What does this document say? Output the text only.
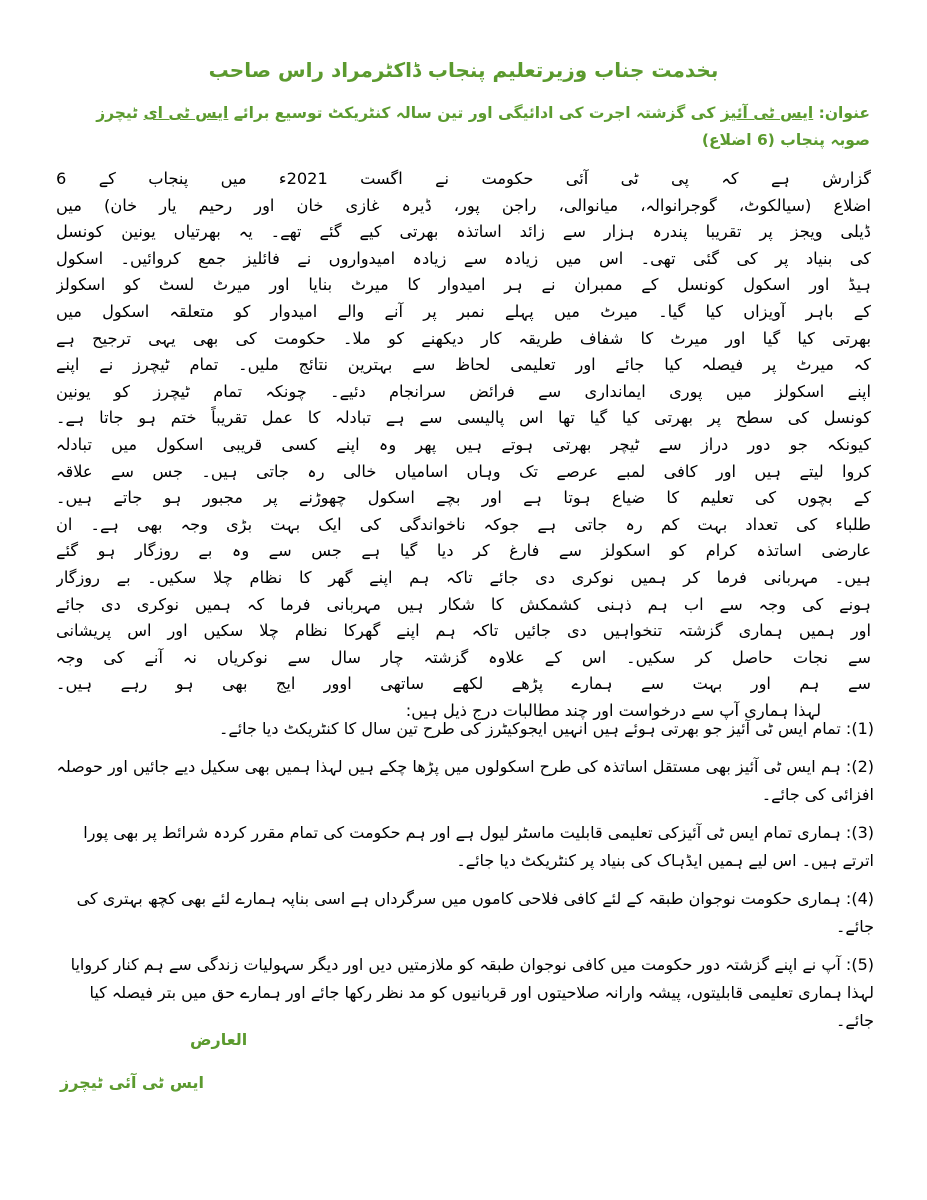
بخدمت جناب وزیرتعلیم پنجاب ڈاکٹرمراد راس صاحب
عنوان: ایس ٹی آئیز کی گزشتہ اجرت کی ادائیگی اور تین سالہ کنٹریکٹ توسیع برائے ایس ٹی ای ٹیچرز صوبہ پنجاب (6 اضلاع)
گزارش ہے کہ پی ٹی آئی حکومت نے اگست 2021ء میں پنجاب کے 6
اضلاع (سیالکوٹ، گوجرانوالہ، میانوالی، راجن پور، ڈیرہ غازی خان اور رحیم یار خان) میں
ڈیلی ویجز پر تقریبا پندرہ ہزار سے زائد اساتذہ بھرتی کیے گئے تھے۔ یہ بھرتیاں یونین کونسل
کی بنیاد پر کی گئی تھی۔ اس میں زیادہ سے زیادہ امیدواروں نے فائلیز جمع کروائیں۔ اسکول
ہیڈ اور اسکول کونسل کے ممبران نے ہر امیدوار کا میرٹ بنایا اور میرٹ لسٹ کو اسکولز
کے باہر آویزاں کیا گیا۔ میرٹ میں پہلے نمبر پر آنے والے امیدوار کو متعلقہ اسکول میں
بھرتی کیا گیا اور میرٹ کا شفاف طریقہ کار دیکھنے کو ملا۔ حکومت کی بھی یہی ترجیح ہے
کہ میرٹ پر فیصلہ کیا جائے اور تعلیمی لحاظ سے بہترین نتائج ملیں۔ تمام ٹیچرز نے اپنے
اپنے اسکولز میں پوری ایمانداری سے فرائض سرانجام دئیے۔ چونکہ تمام ٹیچرز کو یونین
کونسل کی سطح پر بھرتی کیا گیا تھا اس پالیسی سے ہے تبادلہ کا عمل تقریباً ختم ہو جاتا ہے۔
کیونکہ جو دور دراز سے ٹیچر بھرتی ہوتے ہیں پھر وہ اپنے کسی قریبی اسکول میں تبادلہ
کروا لیتے ہیں اور کافی لمبے عرصے تک وہاں اسامیاں خالی رہ جاتی ہیں۔ جس سے علاقہ
کے بچوں کی تعلیم کا ضیاع ہوتا ہے اور بچے اسکول چھوڑنے پر مجبور ہو جاتے ہیں۔
طلباء کی تعداد بہت کم رہ جاتی ہے جوکہ ناخواندگی کی ایک بہت بڑی وجہ بھی ہے۔ ان
عارضی اساتذہ کرام کو اسکولز سے فارغ کر دیا گیا ہے جس سے وہ بے روزگار ہو گئے
ہیں۔ مہربانی فرما کر ہمیں نوکری دی جائے تاکہ ہم اپنے گھر کا نظام چلا سکیں۔ بے روزگار
ہونے کی وجہ سے اب ہم ذہنی کشمکش کا شکار ہیں مہربانی فرما کہ ہمیں نوکری دی جائے
اور ہمیں ہماری گزشتہ تنخواہیں دی جائیں تاکہ ہم اپنے گھرکا نظام چلا سکیں اور اس پریشانی
سے نجات حاصل کر سکیں۔ اس کے علاوہ گزشتہ چار سال سے نوکریاں نہ آنے کی وجہ
سے ہم اور بہت سے ہمارے پڑھے لکھے ساتھی اوور ایج بھی ہو رہے ہیں۔
لہذا ہماری آپ سے درخواست اور چند مطالبات درج ذیل ہیں:

(1): تمام ایس ٹی آئیز جو بھرتی ہوئے ہیں انہیں ایجوکیٹرز کی طرح تین سال کا کنٹریکٹ دیا جائے۔

(2): ہم ایس ٹی آئیز بھی مستقل اساتذہ کی طرح اسکولوں میں پڑھا چکے ہیں لہذا ہمیں بھی سکیل دیے جائیں اور حوصلہ افزائی کی جائے۔

(3): ہماری تمام ایس ٹی آئیزکی تعلیمی قابلیت ماسٹر لیول ہے اور ہم حکومت کی تمام مقرر کردہ شرائط پر بھی پورا اترتے ہیں۔ اس لیے ہمیں ایڈہاک کی بنیاد پر کنٹریکٹ دیا جائے۔

(4): ہماری حکومت نوجوان طبقہ کے لئے کافی فلاحی کاموں میں سرگرداں ہے اسی بناپہ ہمارے لئے بھی کچھ بہتری کی جائے۔

(5): آپ نے اپنے گزشتہ دور حکومت میں کافی نوجوان طبقہ کو ملازمتیں دیں اور دیگر سہولیات زندگی سے ہم کنار کروایا لہذا ہماری تعلیمی قابلیتوں، پیشہ وارانہ صلاحیتوں اور قربانیوں کو مد نظر رکھا جائے اور ہمارے حق میں بتر فیصلہ کیا جائے۔

العارض
ایس ٹی آئی ٹیچرز
